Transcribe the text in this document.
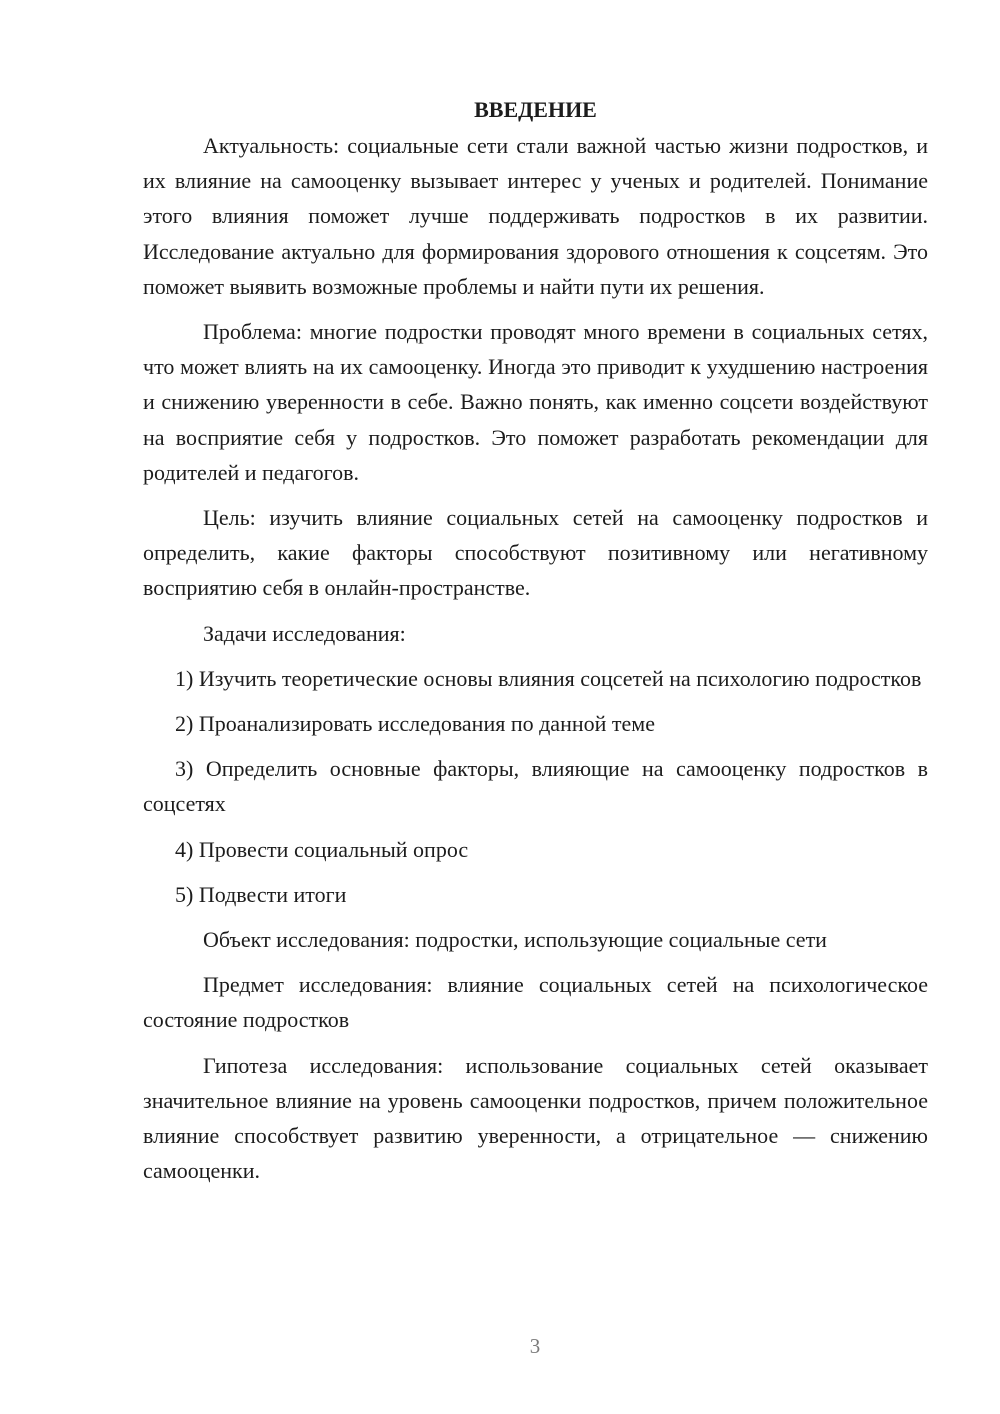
ВВЕДЕНИЕ

Актуальность: социальные сети стали важной частью жизни подростков, и их влияние на самооценку вызывает интерес у ученых и родителей. Понимание этого влияния поможет лучше поддерживать подростков в их развитии. Исследование актуально для формирования здорового отношения к соцсетям. Это поможет выявить возможные проблемы и найти пути их решения.

Проблема: многие подростки проводят много времени в социальных сетях, что может влиять на их самооценку. Иногда это приводит к ухудшению настроения и снижению уверенности в себе. Важно понять, как именно соцсети воздействуют на восприятие себя у подростков. Это поможет разработать рекомендации для родителей и педагогов.

Цель: изучить влияние социальных сетей на самооценку подростков и определить, какие факторы способствуют позитивному или негативному восприятию себя в онлайн-пространстве.

Задачи исследования:

1) Изучить теоретические основы влияния соцсетей на психологию подростков

2) Проанализировать исследования по данной теме

3) Определить основные факторы, влияющие на самооценку подростков в соцсетях

4) Провести социальный опрос

5) Подвести итоги

Объект исследования: подростки, использующие социальные сети

Предмет исследования: влияние социальных сетей на психологическое состояние подростков

Гипотеза исследования: использование социальных сетей оказывает значительное влияние на уровень самооценки подростков, причем положительное влияние способствует развитию уверенности, а отрицательное — снижению самооценки.

3
